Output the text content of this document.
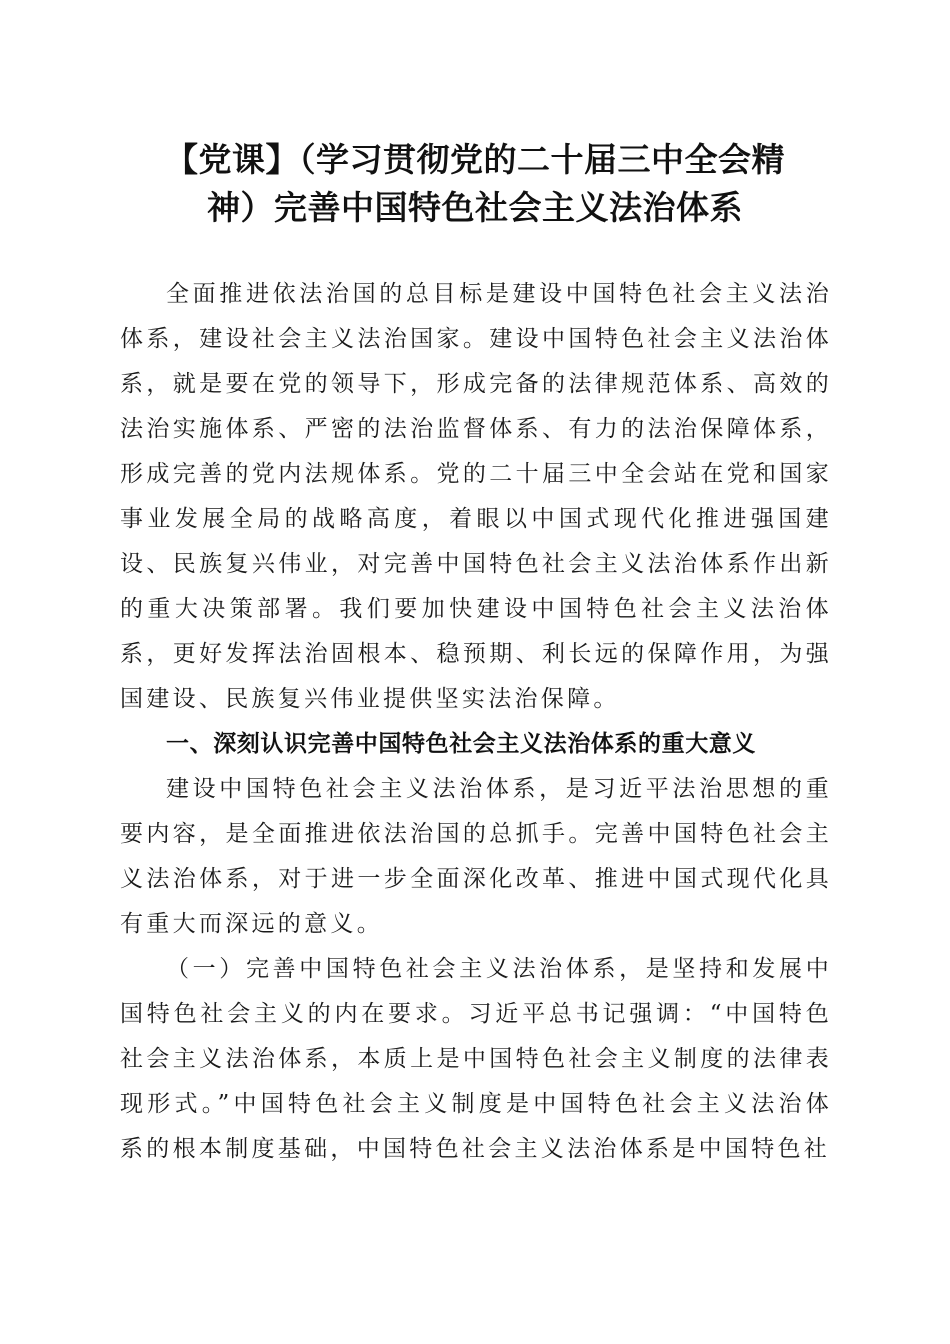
【党课】（学习贯彻党的二十届三中全会精
神）完善中国特色社会主义法治体系

全面推进依法治国的总目标是建设中国特色社会主义法治体系，建设社会主义法治国家。建设中国特色社会主义法治体系，就是要在党的领导下，形成完备的法律规范体系、高效的法治实施体系、严密的法治监督体系、有力的法治保障体系，形成完善的党内法规体系。党的二十届三中全会站在党和国家事业发展全局的战略高度，着眼以中国式现代化推进强国建设、民族复兴伟业，对完善中国特色社会主义法治体系作出新的重大决策部署。我们要加快建设中国特色社会主义法治体系，更好发挥法治固根本、稳预期、利长远的保障作用，为强国建设、民族复兴伟业提供坚实法治保障。

一、深刻认识完善中国特色社会主义法治体系的重大意义

建设中国特色社会主义法治体系，是习近平法治思想的重要内容，是全面推进依法治国的总抓手。完善中国特色社会主义法治体系，对于进一步全面深化改革、推进中国式现代化具有重大而深远的意义。

（一）完善中国特色社会主义法治体系，是坚持和发展中国特色社会主义的内在要求。习近平总书记强调：“中国特色社会主义法治体系，本质上是中国特色社会主义制度的法律表现形式。”中国特色社会主义制度是中国特色社会主义法治体系的根本制度基础，中国特色社会主义法治体系是中国特色社
